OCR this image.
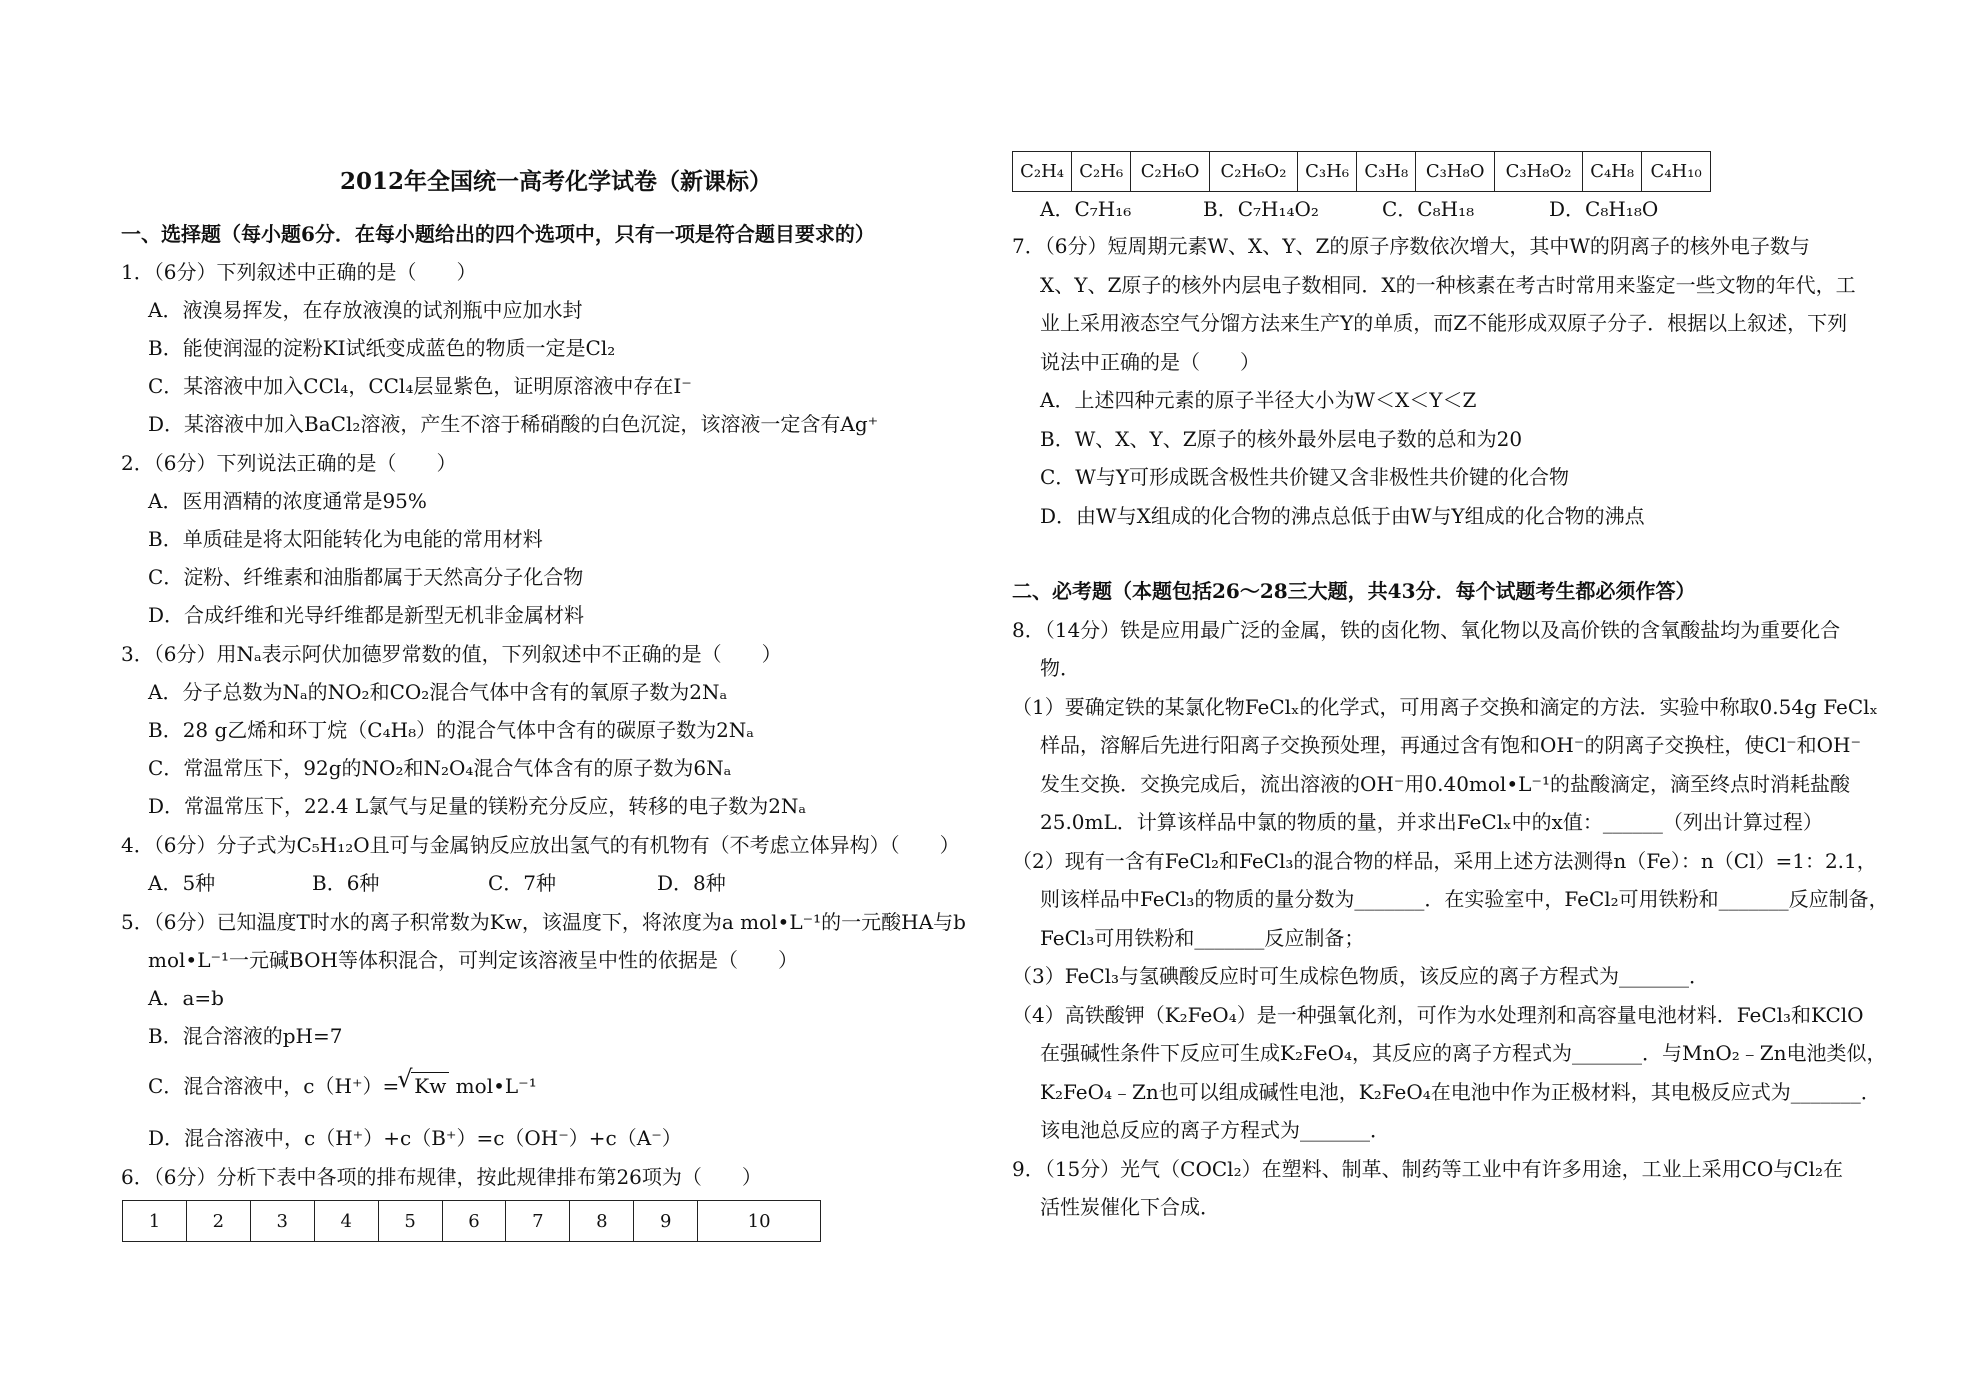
2012年全国统一高考化学试卷（新课标）
一、选择题（每小题6分．在每小题给出的四个选项中，只有一项是符合题目要求的）
1．（6分）下列叙述中正确的是（　　）
A．液溴易挥发，在存放液溴的试剂瓶中应加水封
B．能使润湿的淀粉KI试纸变成蓝色的物质一定是Cl₂
C．某溶液中加入CCl₄，CCl₄层显紫色，证明原溶液中存在I⁻
D．某溶液中加入BaCl₂溶液，产生不溶于稀硝酸的白色沉淀，该溶液一定含有Ag⁺
2．（6分）下列说法正确的是（　　）
A．医用酒精的浓度通常是95%
B．单质硅是将太阳能转化为电能的常用材料
C．淀粉、纤维素和油脂都属于天然高分子化合物
D．合成纤维和光导纤维都是新型无机非金属材料
3．（6分）用Nₐ表示阿伏加德罗常数的值，下列叙述中不正确的是（　　）
A．分子总数为Nₐ的NO₂和CO₂混合气体中含有的氧原子数为2Nₐ
B．28 g乙烯和环丁烷（C₄H₈）的混合气体中含有的碳原子数为2Nₐ
C．常温常压下，92g的NO₂和N₂O₄混合气体含有的原子数为6Nₐ
D．常温常压下，22.4 L氯气与足量的镁粉充分反应，转移的电子数为2Nₐ
4．（6分）分子式为C₅H₁₂O且可与金属钠反应放出氢气的有机物有（不考虑立体异构）（　　）
A．5种	B．6种	C．7种	D．8种
5．（6分）已知温度T时水的离子积常数为Kw，该温度下，将浓度为a mol•L⁻¹的一元酸HA与b
mol•L⁻¹一元碱BOH等体积混合，可判定该溶液呈中性的依据是（　　）
A．a=b
B．混合溶液的pH=7
C．混合溶液中，c（H⁺）=√ Kw mol•L⁻¹
D．混合溶液中，c（H⁺）+c（B⁺）=c（OH⁻）+c（A⁻）
6．（6分）分析下表中各项的排布规律，按此规律排布第26项为（　　）
1	2	3	4	5	6	7	8	9	10
C₂H₄	C₂H₆	C₂H₆O	C₂H₆O₂	C₃H₆	C₃H₈	C₃H₈O	C₃H₈O₂	C₄H₈	C₄H₁₀
A．C₇H₁₆	B．C₇H₁₄O₂	C．C₈H₁₈	D．C₈H₁₈O
7．（6分）短周期元素W、X、Y、Z的原子序数依次增大，其中W的阴离子的核外电子数与
X、Y、Z原子的核外内层电子数相同．X的一种核素在考古时常用来鉴定一些文物的年代，工
业上采用液态空气分馏方法来生产Y的单质，而Z不能形成双原子分子．根据以上叙述，下列
说法中正确的是（　　）
A．上述四种元素的原子半径大小为W＜X＜Y＜Z
B．W、X、Y、Z原子的核外最外层电子数的总和为20
C．W与Y可形成既含极性共价键又含非极性共价键的化合物
D．由W与X组成的化合物的沸点总低于由W与Y组成的化合物的沸点
二、必考题（本题包括26～28三大题，共43分．每个试题考生都必须作答）
8．（14分）铁是应用最广泛的金属，铁的卤化物、氧化物以及高价铁的含氧酸盐均为重要化合
物．
（1）要确定铁的某氯化物FeClₓ的化学式，可用离子交换和滴定的方法．实验中称取0.54g FeClₓ
样品，溶解后先进行阳离子交换预处理，再通过含有饱和OH⁻的阴离子交换柱，使Cl⁻和OH⁻
发生交换．交换完成后，流出溶液的OH⁻用0.40mol•L⁻¹的盐酸滴定，滴至终点时消耗盐酸
25.0mL．计算该样品中氯的物质的量，并求出FeClₓ中的x值：______（列出计算过程）
（2）现有一含有FeCl₂和FeCl₃的混合物的样品，采用上述方法测得n（Fe）：n（Cl）=1：2.1，
则该样品中FeCl₃的物质的量分数为_______．在实验室中，FeCl₂可用铁粉和_______反应制备，
FeCl₃可用铁粉和_______反应制备；
（3）FeCl₃与氢碘酸反应时可生成棕色物质，该反应的离子方程式为_______．
（4）高铁酸钾（K₂FeO₄）是一种强氧化剂，可作为水处理剂和高容量电池材料．FeCl₃和KClO
在强碱性条件下反应可生成K₂FeO₄，其反应的离子方程式为_______．与MnO₂﹣Zn电池类似，
K₂FeO₄﹣Zn也可以组成碱性电池，K₂FeO₄在电池中作为正极材料，其电极反应式为_______．
该电池总反应的离子方程式为_______．
9．（15分）光气（COCl₂）在塑料、制革、制药等工业中有许多用途，工业上采用CO与Cl₂在
活性炭催化下合成．
